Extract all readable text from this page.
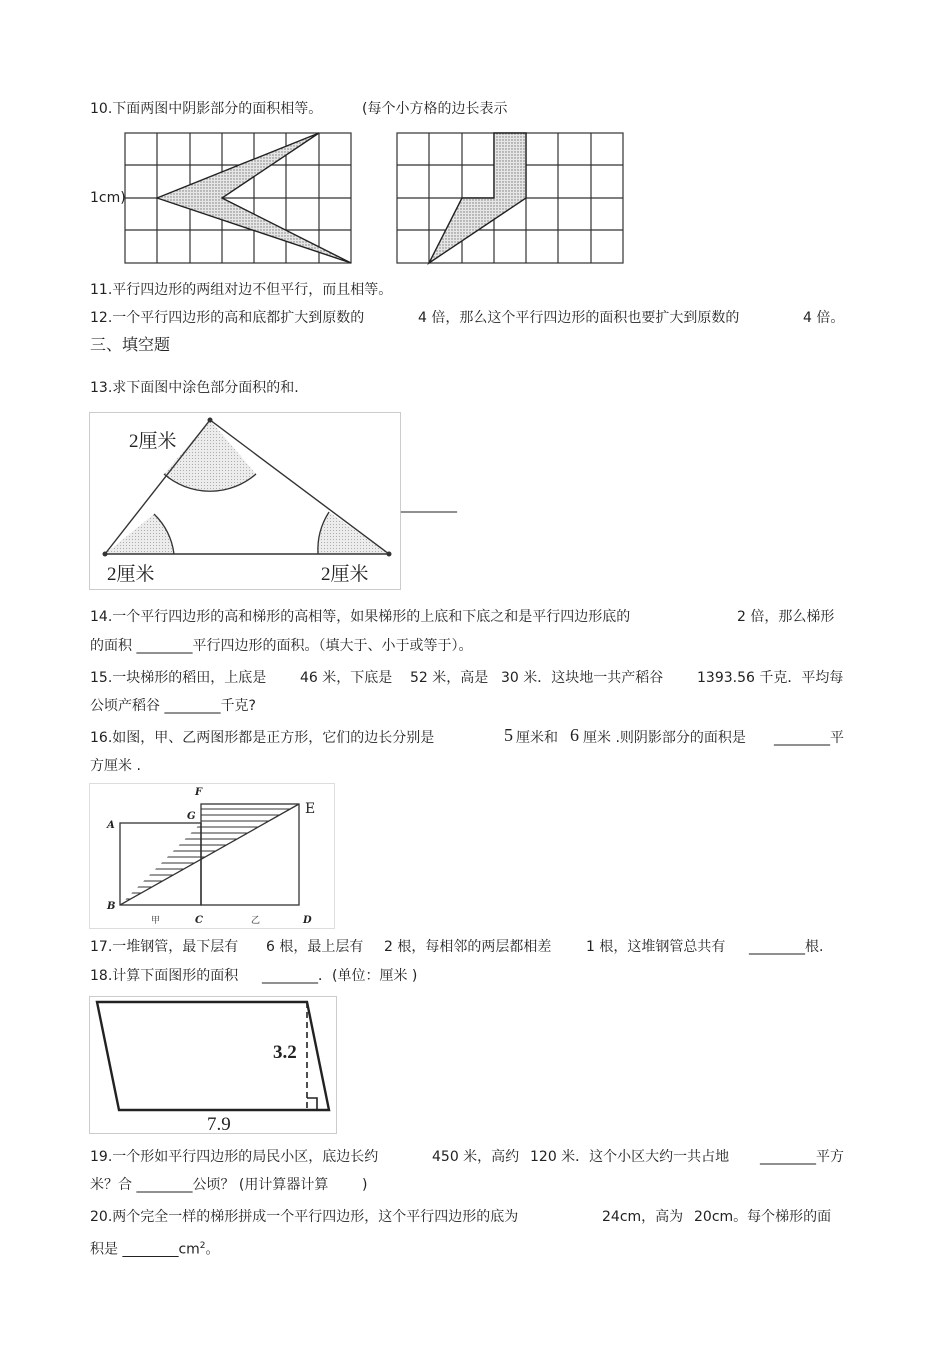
10.下面两图中阴影部分的面积相等。	(每个小方格的边长表示
1cm)
11.平行四边形的两组对边不但平行，而且相等。
12.一个平行四边形的高和底都扩大到原数的	4 倍，那么这个平行四边形的面积也要扩大到原数的	4 倍。
三、填空题
13.求下面图中涂色部分面积的和.
2厘米
2厘米	2厘米
________
14.一个平行四边形的高和梯形的高相等，如果梯形的上底和下底之和是平行四边形底的	2 倍，那么梯形
的面积 ________平行四边形的面积。（填大于、小于或等于）。
15.一块梯形的稻田，上底是 46 米，下底是 52 米，高是 30 米．这块地一共产稻谷 1393.56 千克．平均每
公顷产稻谷 ________千克?
16.如图，甲、乙两图形都是正方形，它们的边长分别是	5 厘米和 6 厘米 .则阴影部分的面积是 ________平
方厘米 .
A
B
F
G
C	D
E
甲	乙
17.一堆钢管，最下层有 6 根，最上层有 2 根，每相邻的两层都相差 1 根，这堆钢管总共有 ________根.
18.计算下面图形的面积 ________．(单位：厘米 )
3.2
7.9
19.一个形如平行四边形的局民小区，底边长约	450 米，高约 120 米．这个小区大约一共占地 ________平方
米？合 ________公顷？ (用计算器计算 )
20.两个完全一样的梯形拼成一个平行四边形，这个平行四边形的底为	24cm，高为 20cm。每个梯形的面
积是 $\_\_\_\_\_\_\_\_cm^2$。
